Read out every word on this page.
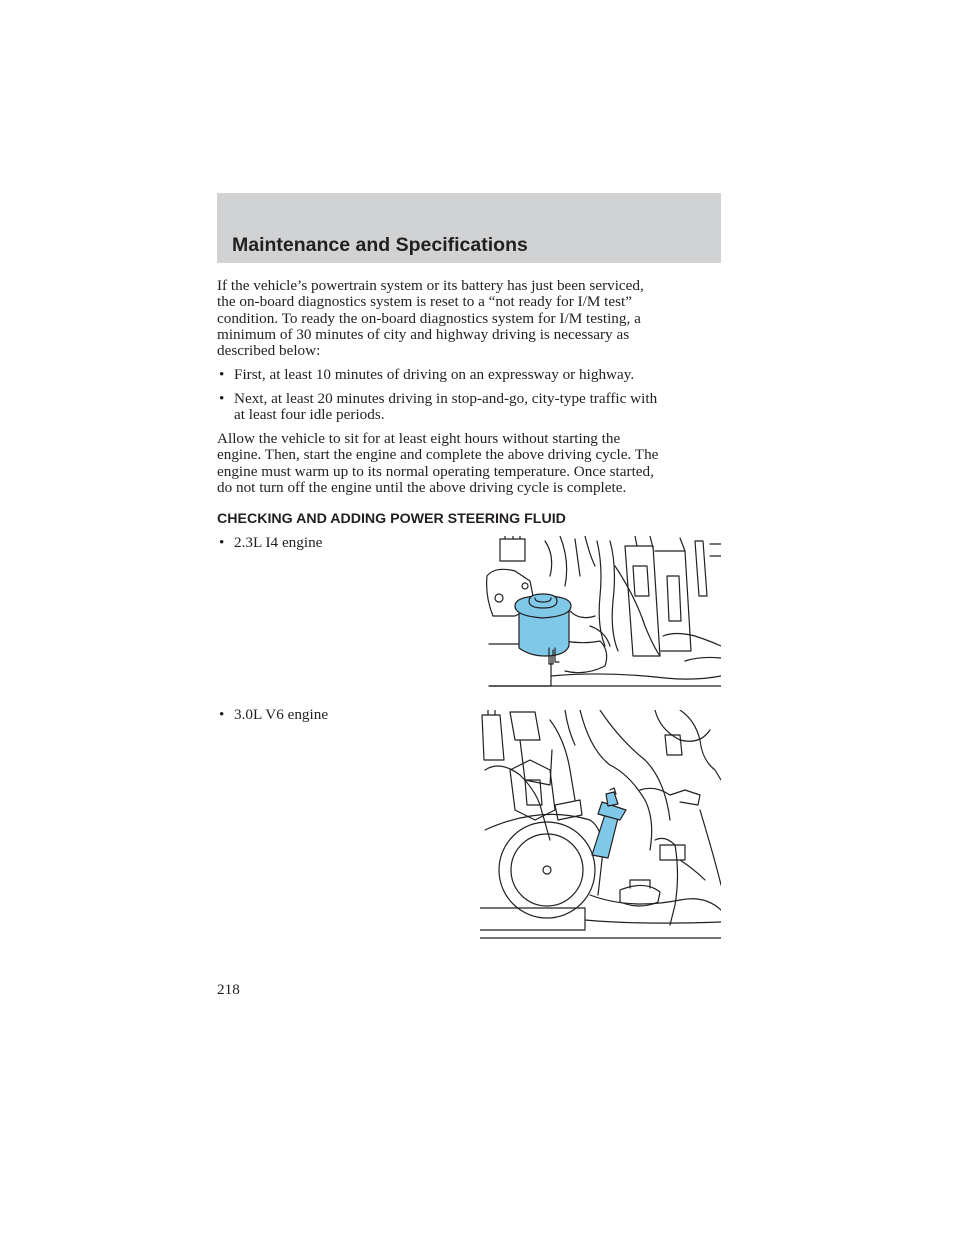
Maintenance and Specifications

If the vehicle’s powertrain system or its battery has just been serviced,
the on-board diagnostics system is reset to a “not ready for I/M test”
condition. To ready the on-board diagnostics system for I/M testing, a
minimum of 30 minutes of city and highway driving is necessary as
described below:

• First, at least 10 minutes of driving on an expressway or highway.
• Next, at least 20 minutes driving in stop-and-go, city-type traffic with
at least four idle periods.

Allow the vehicle to sit for at least eight hours without starting the
engine. Then, start the engine and complete the above driving cycle. The
engine must warm up to its normal operating temperature. Once started,
do not turn off the engine until the above driving cycle is complete.

CHECKING AND ADDING POWER STEERING FLUID
• 2.3L I4 engine
• 3.0L V6 engine
218
